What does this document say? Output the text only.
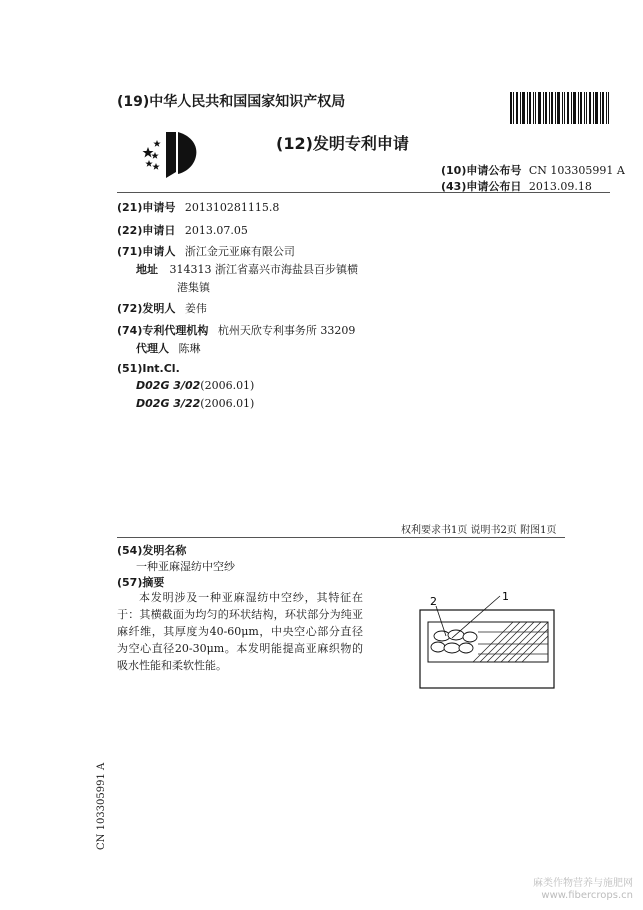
(19)中华人民共和国国家知识产权局
(12)发明专利申请
(10)申请公布号 CN 103305991 A
(43)申请公布日 2013.09.18
(21)申请号 201310281115.8
(22)申请日 2013.07.05
(71)申请人 浙江金元亚麻有限公司
地址 314313 浙江省嘉兴市海盐县百步镇横
港集镇
(72)发明人 姜伟
(74)专利代理机构 杭州天欣专利事务所 33209
代理人 陈琳
(51)Int.Cl.
D02G 3/02(2006.01)
D02G 3/22(2006.01)
权利要求书1页 说明书2页 附图1页
(54)发明名称
一种亚麻湿纺中空纱
(57)摘要
本发明涉及一种亚麻湿纺中空纱，其特征在于：其横截面为均匀的环状结构，环状部分为纯亚麻纤维，其厚度为40-60μm，中央空心部分直径为空心直径20-30μm。本发明能提高亚麻织物的吸水性能和柔软性能。
1
2
CN 103305991 A
麻类作物营养与施肥网
www.fibercrops.cn
